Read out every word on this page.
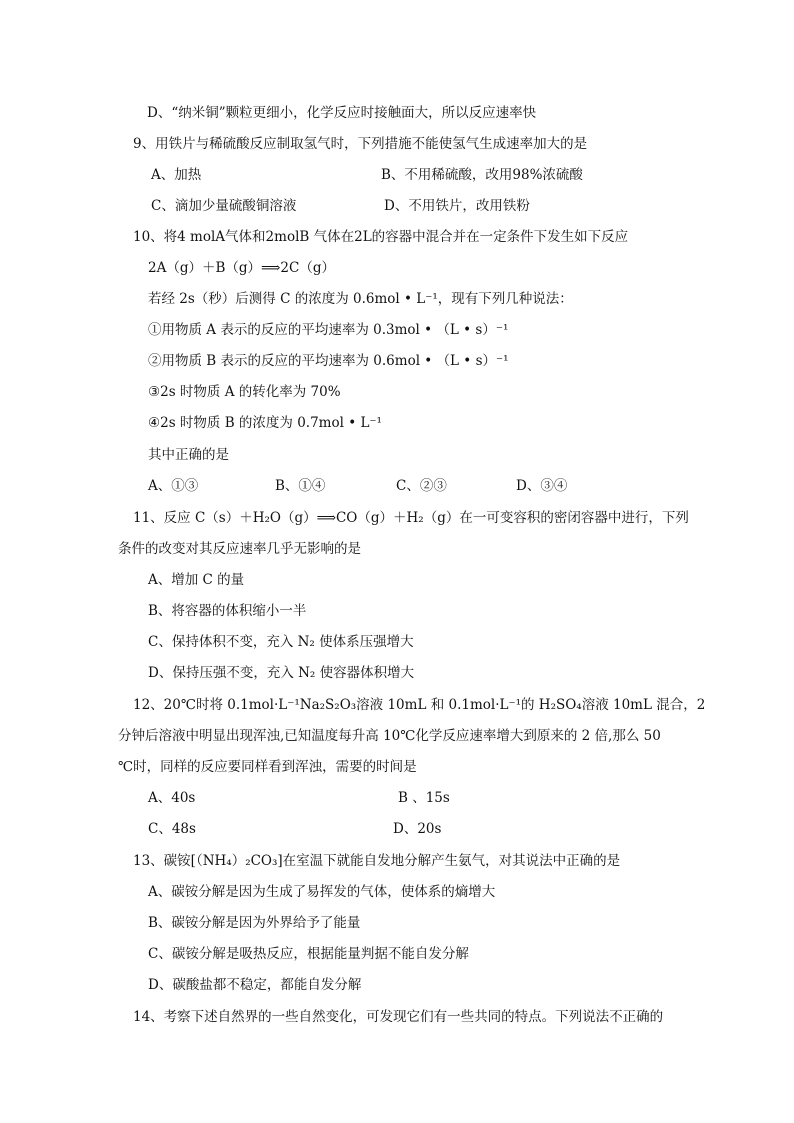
D、“纳米铜”颗粒更细小，化学反应时接触面大，所以反应速率快
9、用铁片与稀硫酸反应制取氢气时，下列措施不能使氢气生成速率加大的是
A、加热	B、不用稀硫酸，改用98%浓硫酸
C、滴加少量硫酸铜溶液	D、不用铁片，改用铁粉
10、将4 molA气体和2molB 气体在2L的容器中混合并在一定条件下发生如下反应
2A（g）＋B（g）⟹2C（g）
若经 2s（秒）后测得 C 的浓度为 0.6mol • L⁻¹，现有下列几种说法：
①用物质 A 表示的反应的平均速率为 0.3mol • （L • s）⁻¹
②用物质 B 表示的反应的平均速率为 0.6mol • （L • s）⁻¹
③2s 时物质 A 的转化率为 70%
④2s 时物质 B 的浓度为 0.7mol • L⁻¹
其中正确的是
A、①③	B、①④	C、②③	D、③④
11、反应 C（s）＋H₂O（g）⟹CO（g）＋H₂（g）在一可变容积的密闭容器中进行，下列
条件的改变对其反应速率几乎无影响的是
A、增加 C 的量
B、将容器的体积缩小一半
C、保持体积不变，充入 N₂ 使体系压强增大
D、保持压强不变，充入 N₂ 使容器体积增大
12、20℃时将 0.1mol·L⁻¹Na₂S₂O₃溶液 10mL 和 0.1mol·L⁻¹的 H₂SO₄溶液 10mL 混合，2
分钟后溶液中明显出现浑浊,已知温度每升高 10℃化学反应速率增大到原来的 2 倍,那么 50
℃时，同样的反应要同样看到浑浊，需要的时间是
A、40s	B 、15s
C、48s	D、20s
13、碳铵[（NH₄）₂CO₃]在室温下就能自发地分解产生氨气，对其说法中正确的是
A、碳铵分解是因为生成了易挥发的气体，使体系的熵增大
B、碳铵分解是因为外界给予了能量
C、碳铵分解是吸热反应，根据能量判据不能自发分解
D、碳酸盐都不稳定，都能自发分解
14、考察下述自然界的一些自然变化，可发现它们有一些共同的特点。下列说法不正确的
